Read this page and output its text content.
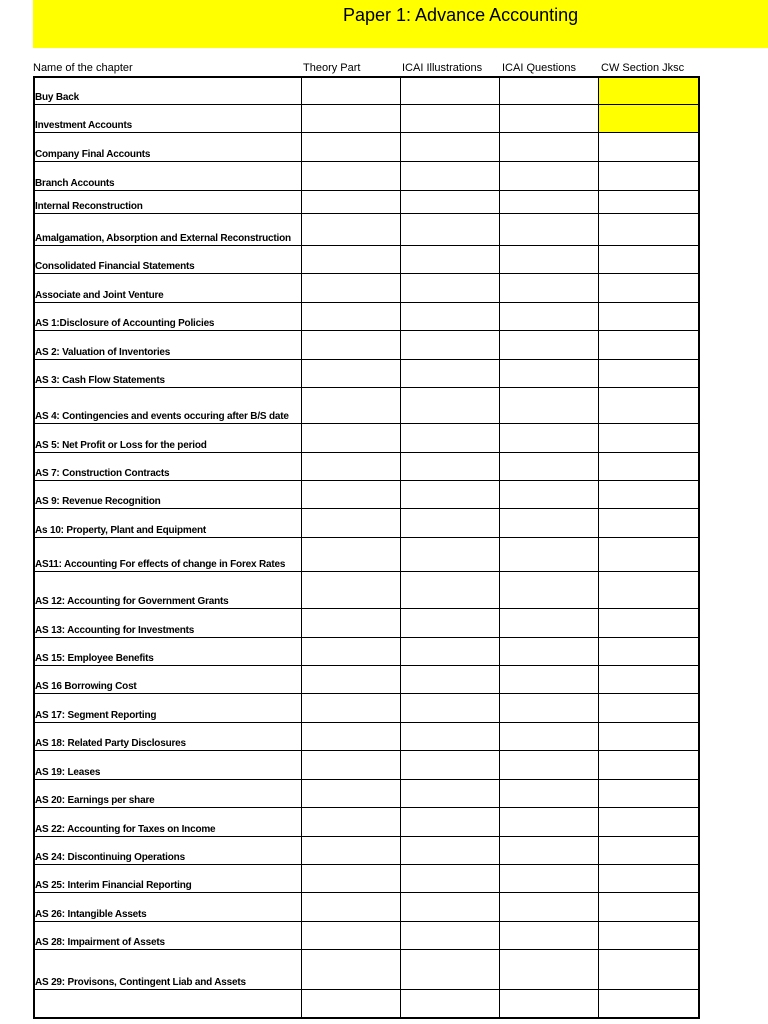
Paper 1: Advance Accounting
Name of the chapter	Theory Part	ICAI Illustrations ICAI Questions CW Section Jksc
Buy Back
Investment Accounts
Company Final Accounts
Branch Accounts
Internal Reconstruction
Amalgamation, Absorption and External Reconstruction
Consolidated Financial Statements
Associate and Joint Venture
AS 1:Disclosure of Accounting Policies
AS 2: Valuation of Inventories
AS 3: Cash Flow Statements
AS 4: Contingencies and events occuring after B/S date
AS 5: Net Profit or Loss for the period
AS 7: Construction Contracts
AS 9: Revenue Recognition
As 10: Property, Plant and Equipment
AS11: Accounting For effects of change in Forex Rates
AS 12: Accounting for Government Grants
AS 13: Accounting for Investments
AS 15: Employee Benefits
AS 16 Borrowing Cost
AS 17: Segment Reporting
AS 18: Related Party Disclosures
AS 19: Leases
AS 20: Earnings per share
AS 22: Accounting for Taxes on Income
AS 24: Discontinuing Operations
AS 25: Interim Financial Reporting
AS 26: Intangible Assets
AS 28: Impairment of Assets
AS 29: Provisons, Contingent Liab and Assets
